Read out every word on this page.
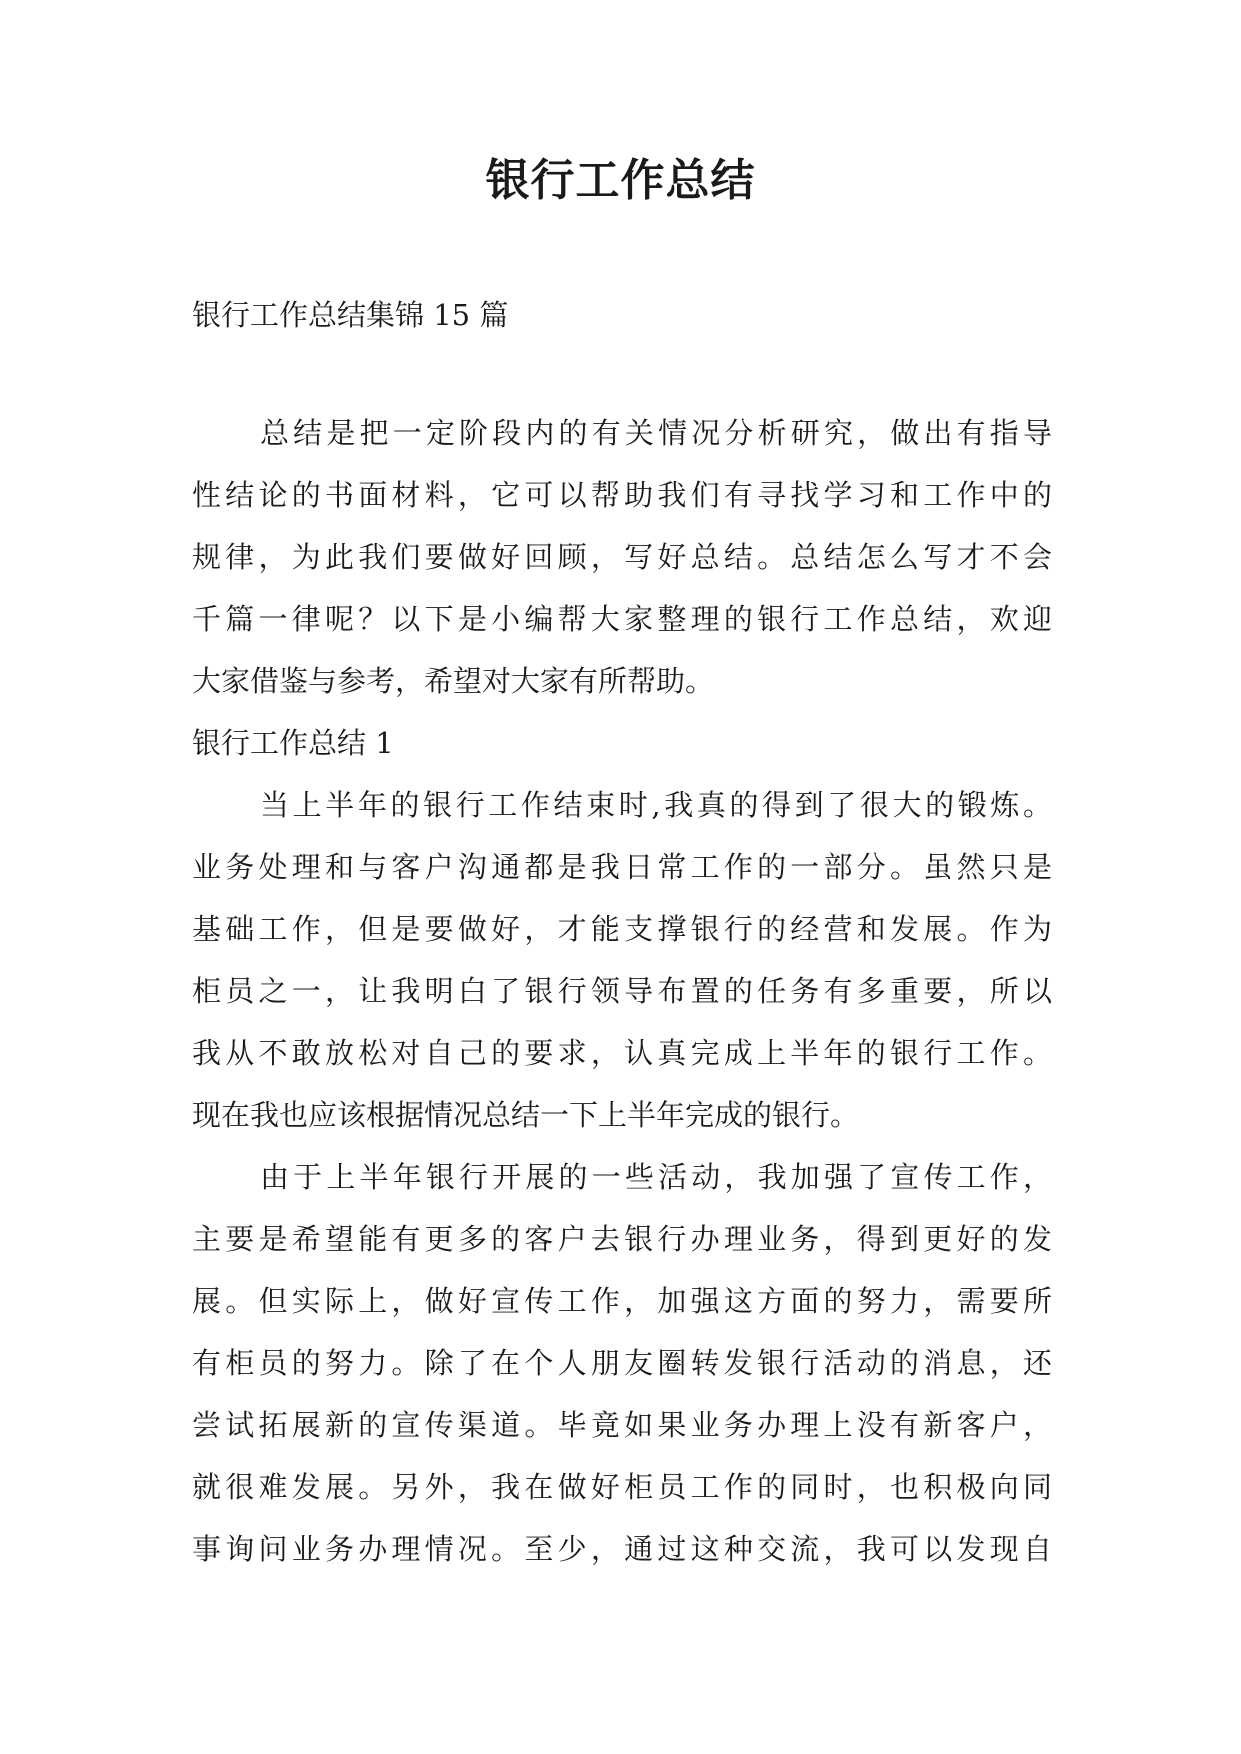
银行工作总结

银行工作总结集锦 15 篇

总结是把一定阶段内的有关情况分析研究，做出有指导
性结论的书面材料，它可以帮助我们有寻找学习和工作中的
规律，为此我们要做好回顾，写好总结。总结怎么写才不会
千篇一律呢？以下是小编帮大家整理的银行工作总结，欢迎
大家借鉴与参考，希望对大家有所帮助。

银行工作总结 1

当上半年的银行工作结束时,我真的得到了很大的锻炼。
业务处理和与客户沟通都是我日常工作的一部分。虽然只是
基础工作，但是要做好，才能支撑银行的经营和发展。作为
柜员之一，让我明白了银行领导布置的任务有多重要，所以
我从不敢放松对自己的要求，认真完成上半年的银行工作。
现在我也应该根据情况总结一下上半年完成的银行。
由于上半年银行开展的一些活动，我加强了宣传工作，
主要是希望能有更多的客户去银行办理业务，得到更好的发
展。但实际上，做好宣传工作，加强这方面的努力，需要所
有柜员的努力。除了在个人朋友圈转发银行活动的消息，还
尝试拓展新的宣传渠道。毕竟如果业务办理上没有新客户，
就很难发展。另外，我在做好柜员工作的同时，也积极向同
事询问业务办理情况。至少，通过这种交流，我可以发现自
